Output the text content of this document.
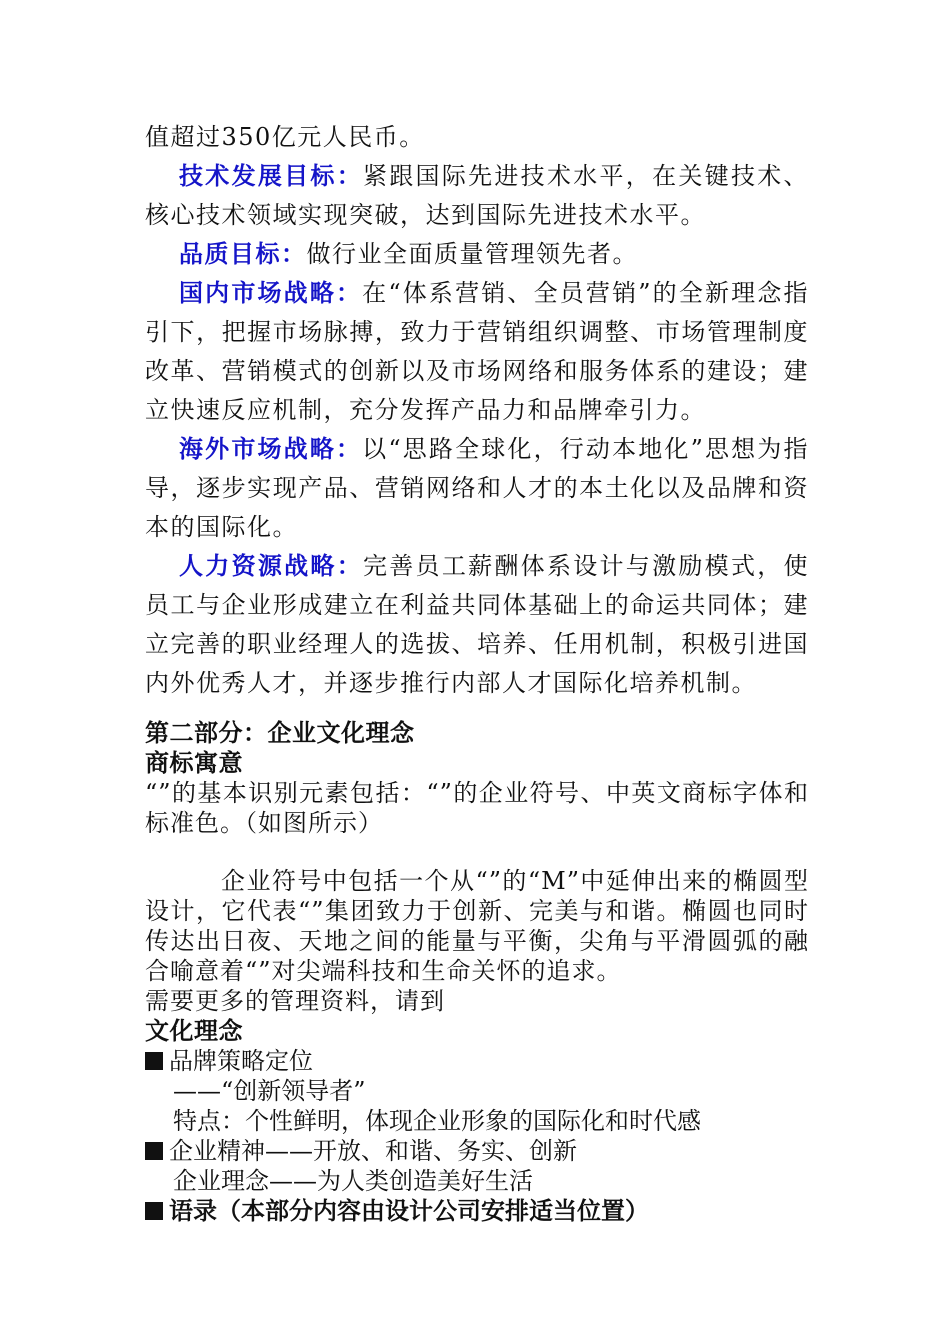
值超过350亿元人民币。

技术发展目标：紧跟国际先进技术水平，在关键技术、核心技术领域实现突破，达到国际先进技术水平。

品质目标：做行业全面质量管理领先者。

国内市场战略：在“体系营销、全员营销”的全新理念指引下，把握市场脉搏，致力于营销组织调整、市场管理制度改革、营销模式的创新以及市场网络和服务体系的建设；建立快速反应机制，充分发挥产品力和品牌牵引力。

海外市场战略：以“思路全球化，行动本地化”思想为指导，逐步实现产品、营销网络和人才的本土化以及品牌和资本的国际化。

人力资源战略：完善员工薪酬体系设计与激励模式，使员工与企业形成建立在利益共同体基础上的命运共同体；建立完善的职业经理人的选拔、培养、任用机制，积极引进国内外优秀人才，并逐步推行内部人才国际化培养机制。

第二部分：企业文化理念

商标寓意

“”的基本识别元素包括：“”的企业符号、中英文商标字体和标准色。（如图所示）

企业符号中包括一个从“”的“M”中延伸出来的椭圆型设计，它代表“”集团致力于创新、完美与和谐。椭圆也同时传达出日夜、天地之间的能量与平衡，尖角与平滑圆弧的融合喻意着“”对尖端科技和生命关怀的追求。

需要更多的管理资料，请到

文化理念

品牌策略定位

——“创新领导者”

特点：个性鲜明，体现企业形象的国际化和时代感

企业精神——开放、和谐、务实、创新

企业理念——为人类创造美好生活

语录（本部分内容由设计公司安排适当位置）
